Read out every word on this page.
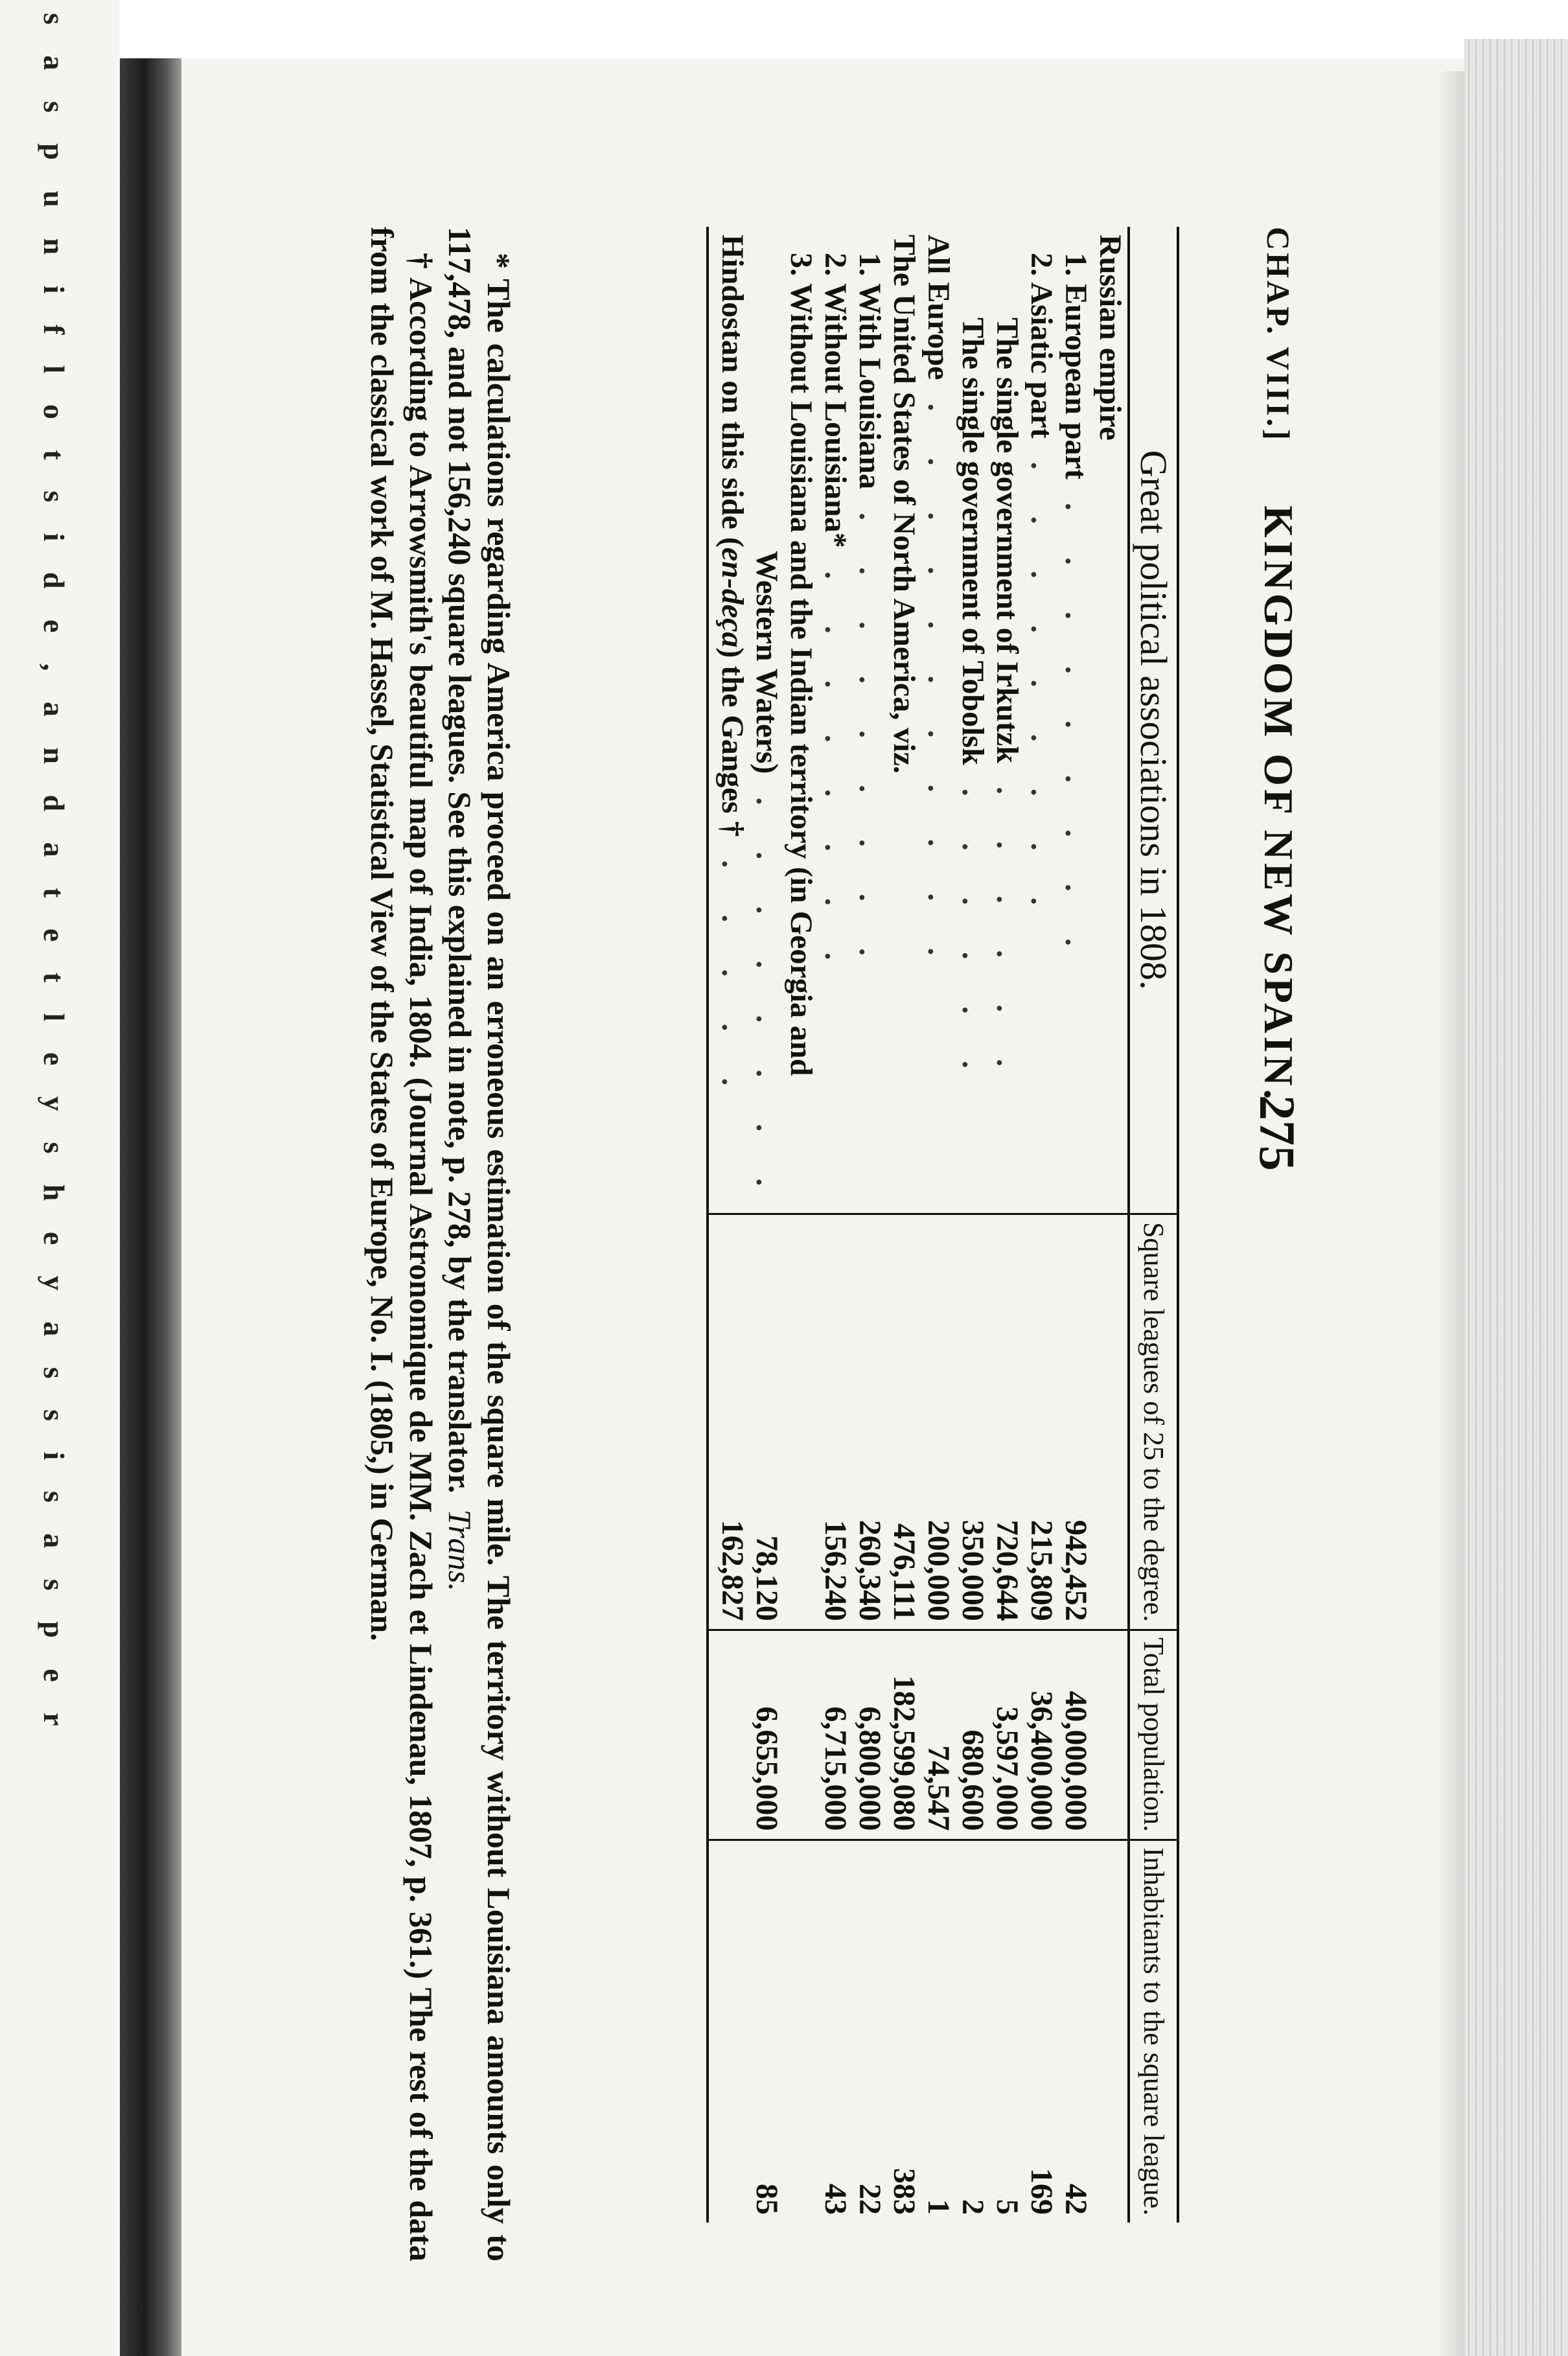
s a s p u n i f l o t s i d e , a n d a t e t l e y s h e y a s s i s a s p e r	CHAP. VIII.]
KINGDOM OF NEW SPAIN.
275
Great political associations in 1808.	Square leagues of 25 to the degree.	Total population.	Inhabitants to the square league.
Russian empire			
1. European part   . . . . . . . . .	942,452	40,000,000	42
2. Asiatic part   . . . . . . . . .	215,809	36,400,000	169
The single government of Irkutzk   . . . . . .	720,644	3,597,000	5
The single government of Tobolsk   . . . . . .	350,000	680,600	2
All Europe   . . . . . . . . . . .	200,000	74,547	1
The United States of North America, viz.	476,111	182,599,080	383
1. With Louisiana   . . . . . . . . .	260,340	6,800,000	22
2. Without Louisiana*   . . . . . . . .	156,240	6,715,000	43
3. Without Louisiana and the Indian territory (in Georgia and			
Western Waters)   . . . . . . . .	78,120	6,655,000	85
Hindostan on this side (en-deça) the Ganges †   . . . . .	162,827		

* The calculations regarding America proceed on an erroneous estimation of the square mile. The territory without Louisiana amounts only to 117,478, and not 156,240 square leagues. See this explained in note, p. 278, by the translator.  Trans.

† According to Arrowsmith's beautiful map of India, 1804. (Journal Astronomique de MM. Zach et Lindenau, 1807, p. 361.) The rest of the data from the classical work of M. Hassel, Statistical View of the States of Europe, No. I. (1805,) in German.
